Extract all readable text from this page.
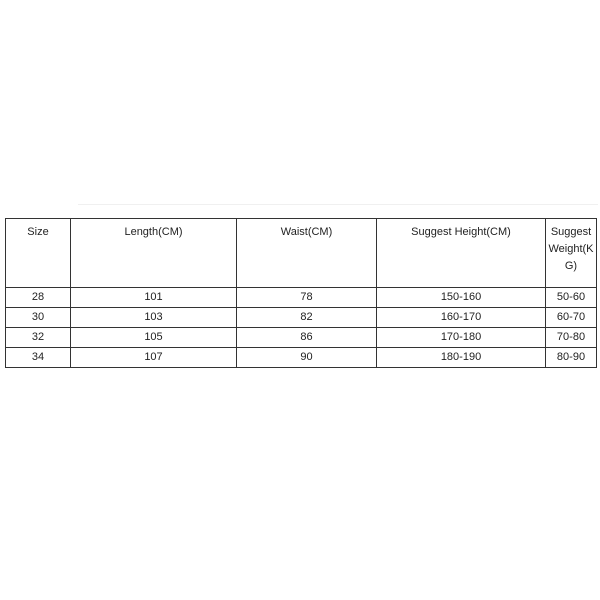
Size	Length(CM)	Waist(CM)	Suggest Height(CM)	Suggest Weight(KG)
28	101	78	150-160	50-60
30	103	82	160-170	60-70
32	105	86	170-180	70-80
34	107	90	180-190	80-90
